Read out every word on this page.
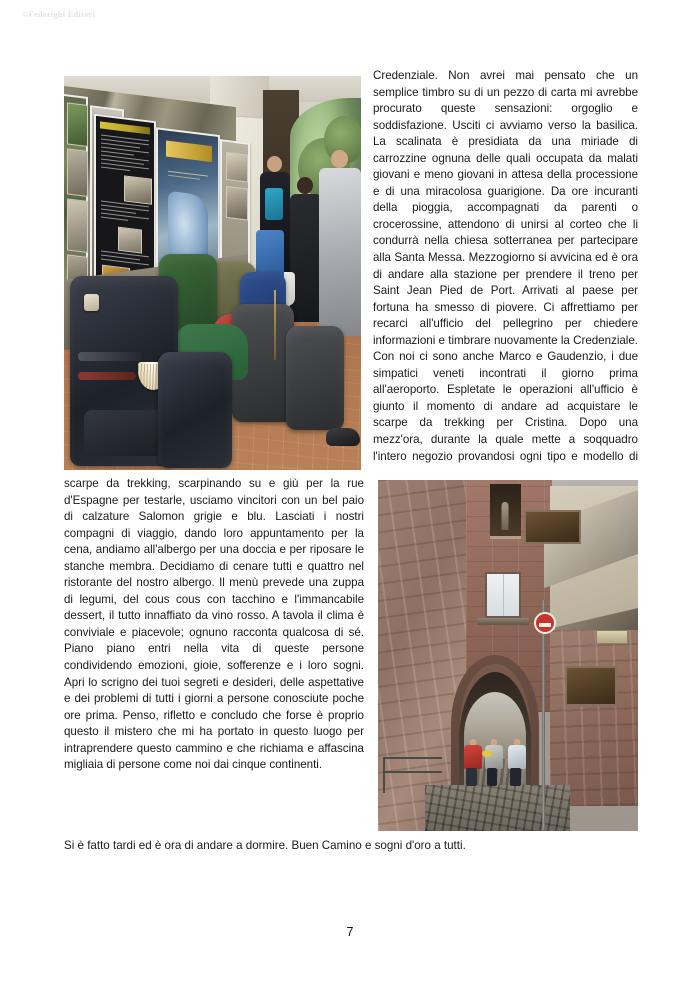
©Federighi Editori

Credenziale. Non avrei mai pensato che un semplice timbro su di un pezzo di carta mi avrebbe procurato queste sensazioni: orgoglio e soddisfazione. Usciti ci avviamo verso la basilica. La scalinata è presidiata da una miriade di carrozzine ognuna delle quali occupata da malati giovani e meno giovani in attesa della processione e di una miracolosa guarigione. Da ore incuranti della pioggia, accompagnati da parenti o crocerossine, attendono di unirsi al corteo che li condurrà nella chiesa sotterranea per partecipare alla Santa Messa. Mezzogiorno si avvicina ed è ora di andare alla stazione per prendere il treno per Saint Jean Pied de Port. Arrivati al paese per fortuna ha smesso di piovere. Ci affrettiamo per recarci all'ufficio del pellegrino per chiedere informazioni e timbrare nuovamente la Credenziale. Con noi ci sono anche Marco e Gaudenzio, i due simpatici veneti incontrati il giorno prima all'aeroporto. Espletate le operazioni all'ufficio è giunto il momento di andare ad acquistare le scarpe da trekking per Cristina. Dopo una mezz'ora, durante la quale mette a soqquadro l'intero negozio provandosi ogni tipo e modello di scarpe da trekking, scarpinando su e giù per la rue d'Espagne per testarle, usciamo vincitori con un bel paio di calzature Salomon grigie e blu. Lasciati i nostri compagni di viaggio, dando loro appuntamento per la cena, andiamo all'albergo per una doccia e per riposare le stanche membra. Decidiamo di cenare tutti e quattro nel ristorante del nostro albergo. Il menù prevede una zuppa di legumi, del cous cous con tacchino e l'immancabile dessert, il tutto innaffiato da vino rosso. A tavola il clima è conviviale e piacevole; ognuno racconta qualcosa di sé. Piano piano entri nella vita di queste persone condividendo emozioni, gioie, sofferenze e i loro sogni. Apri lo scrigno dei tuoi segreti e desideri, delle aspettative e dei problemi di tutti i giorni a persone conosciute poche ore prima. Penso, rifletto e concludo che forse è proprio questo il mistero che mi ha portato in questo luogo per intraprendere questo cammino e che richiama e affascina migliaia di persone come noi dai cinque continenti.

Si è fatto tardi ed è ora di andare a dormire. Buen Camino e sogni d'oro a tutti.

7
